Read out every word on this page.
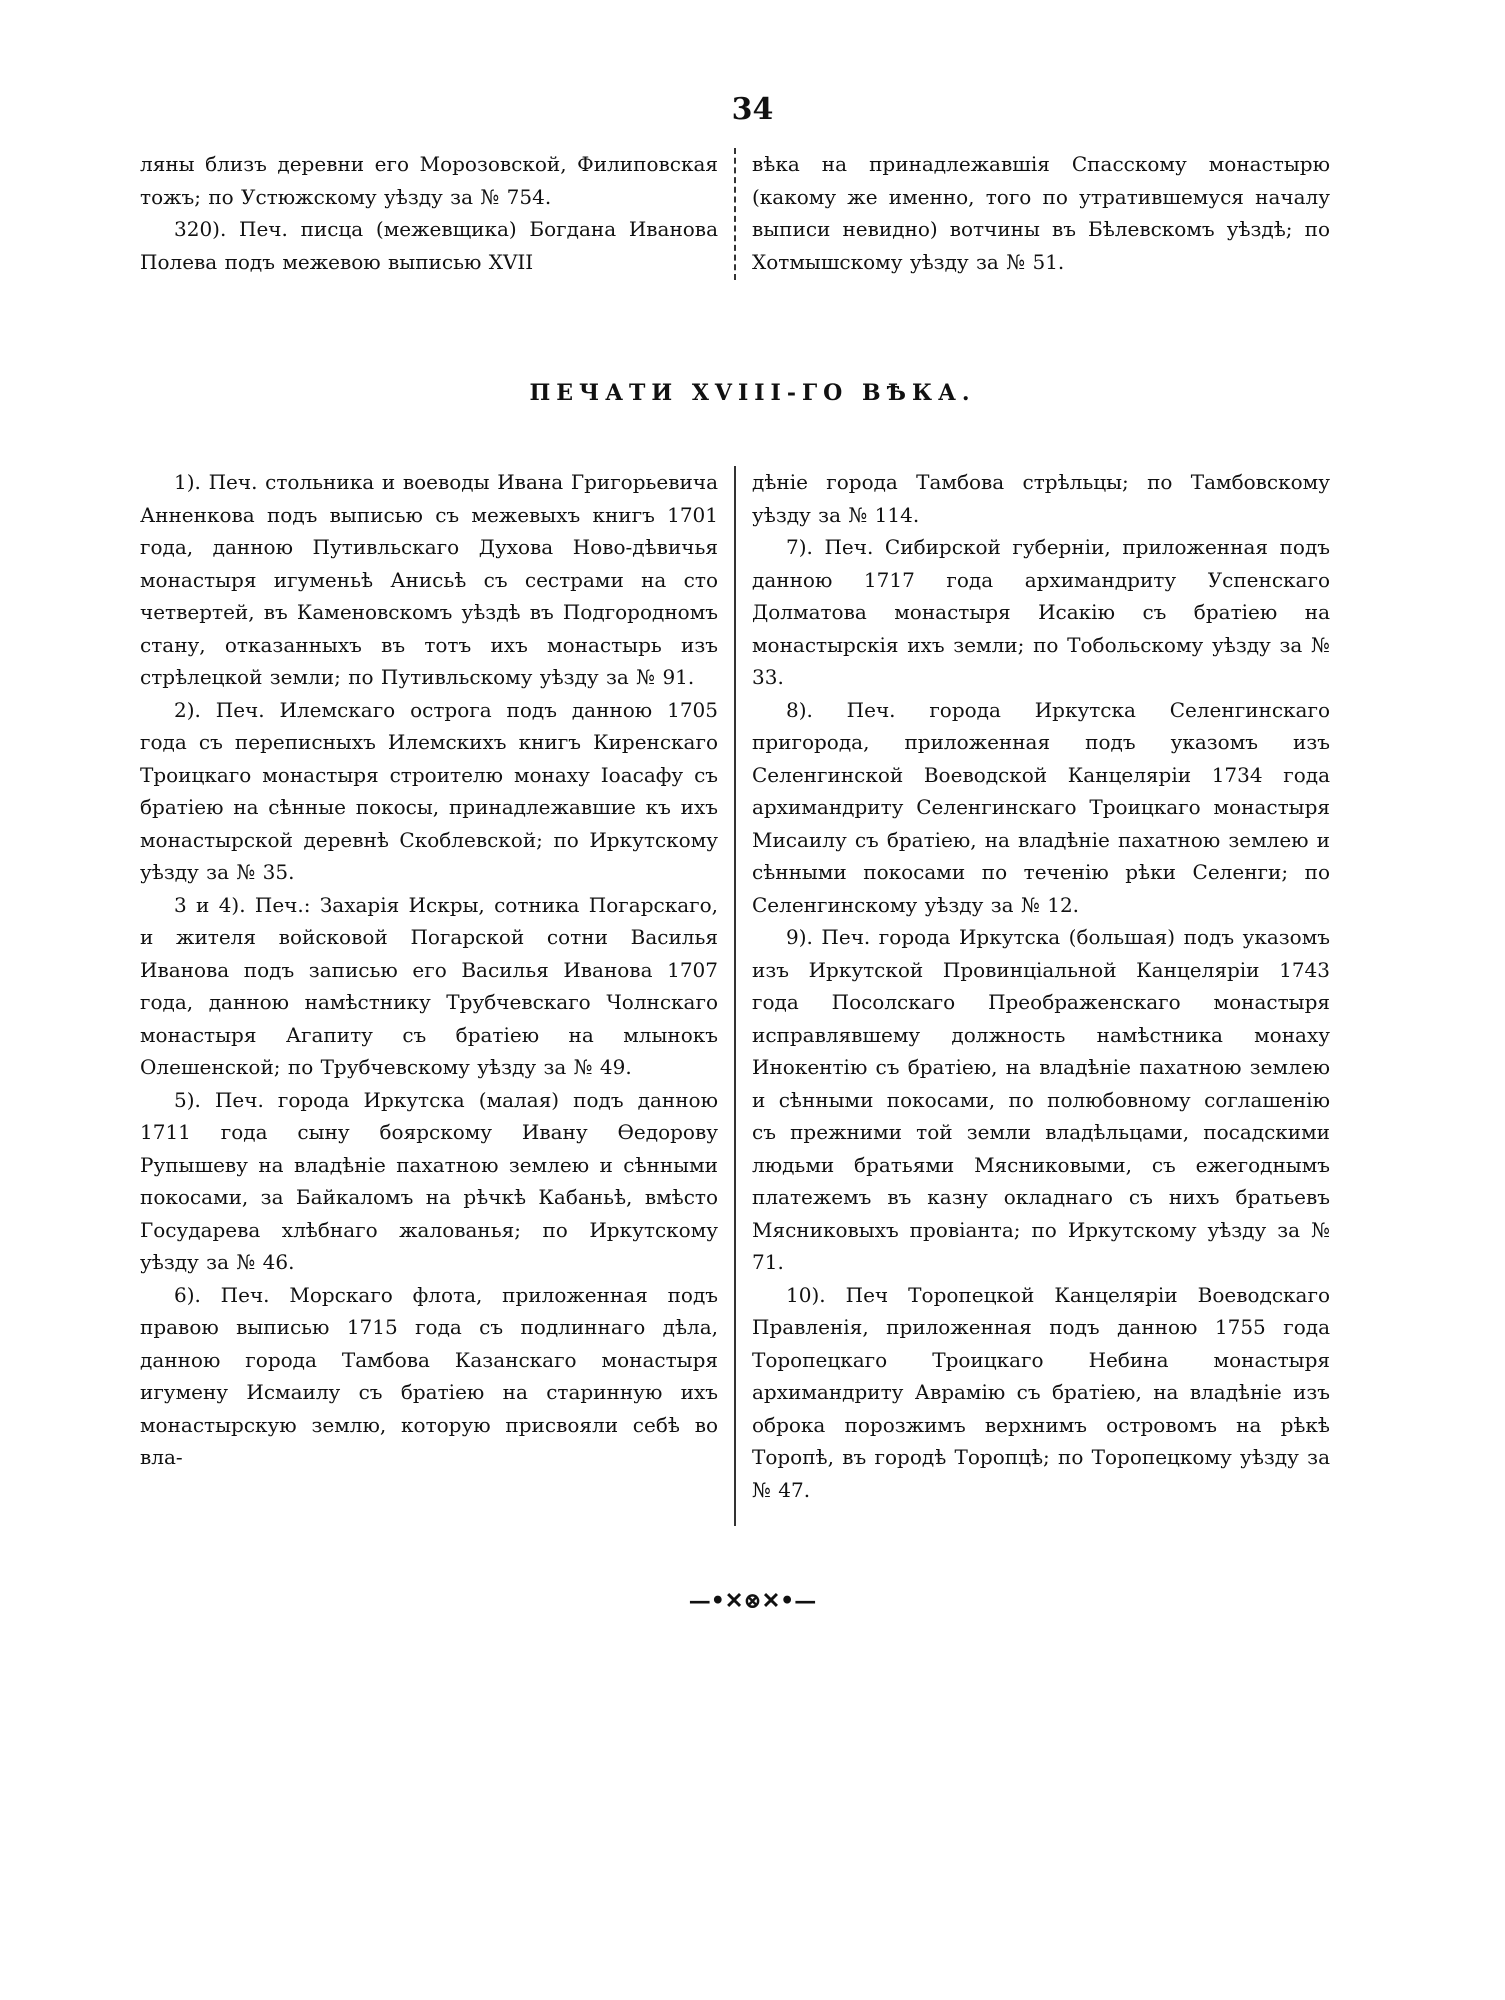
34

ляны близъ деревни его Морозовской, Филиповская тожъ; по Устюжскому уѣзду за № 754.

320). Печ. писца (межевщика) Богдана Иванова Полева подъ межевою выписью XVII

вѣка на принадлежавшія Спасскому монастырю (какому же именно, того по утратившемуся началу выписи невидно) вотчины въ Бѣлевскомъ уѣздѣ; по Хотмышскому уѣзду за № 51.

ПЕЧАТИ XVIII-ГО ВѢКА.

1). Печ. стольника и воеводы Ивана Григорьевича Анненкова подъ выписью съ межевыхъ книгъ 1701 года, данною Путивльскаго Духова Ново-дѣвичья монастыря игуменьѣ Анисьѣ съ сестрами на сто четвертей, въ Каменовскомъ уѣздѣ въ Подгородномъ стану, отказанныхъ въ тотъ ихъ монастырь изъ стрѣлецкой земли; по Путивльскому уѣзду за № 91.

2). Печ. Илемскаго острога подъ данною 1705 года съ переписныхъ Илемскихъ книгъ Киренскаго Троицкаго монастыря строителю монаху Іоасафу съ братіею на сѣнные покосы, принадлежавшие къ ихъ монастырской деревнѣ Скоблевской; по Иркутскому уѣзду за № 35.

3 и 4). Печ.: Захарія Искры, сотника Погарскаго, и жителя войсковой Погарской сотни Василья Иванова подъ записью его Василья Иванова 1707 года, данною намѣстнику Трубчевскаго Чолнскаго монастыря Агапиту съ братіею на млынокъ Олешенской; по Трубчевскому уѣзду за № 49.

5). Печ. города Иркутска (малая) подъ данною 1711 года сыну боярскому Ивану Ѳедорову Рупышеву на владѣніе пахатною землею и сѣнными покосами, за Байкаломъ на рѣчкѣ Кабаньѣ, вмѣсто Государева хлѣбнаго жалованья; по Иркутскому уѣзду за № 46.

6). Печ. Морскаго флота, приложенная подъ правою выписью 1715 года съ подлиннаго дѣла, данною города Тамбова Казанскаго монастыря игумену Исмаилу съ братіею на старинную ихъ монастырскую землю, которую присвояли себѣ во вла-

дѣніе города Тамбова стрѣльцы; по Тамбовскому уѣзду за № 114.

7). Печ. Сибирской губерніи, приложенная подъ данною 1717 года архимандриту Успенскаго Долматова монастыря Исакію съ братіею на монастырскія ихъ земли; по Тобольскому уѣзду за № 33.

8). Печ. города Иркутска Селенгинскаго пригорода, приложенная подъ указомъ изъ Селенгинской Воеводской Канцеляріи 1734 года архимандриту Селенгинскаго Троицкаго монастыря Мисаилу съ братіею, на владѣніе пахатною землею и сѣнными покосами по теченію рѣки Селенги; по Селенгинскому уѣзду за № 12.

9). Печ. города Иркутска (большая) подъ указомъ изъ Иркутской Провинціальной Канцеляріи 1743 года Посолскаго Преображенскаго монастыря исправлявшему должность намѣстника монаху Инокентію съ братіею, на владѣніе пахатною землею и сѣнными покосами, по полюбовному соглашенію съ прежними той земли владѣльцами, посадскими людьми братьями Мясниковыми, съ ежегоднымъ платежемъ въ казну окладнаго съ нихъ братьевъ Мясниковыхъ провіанта; по Иркутскому уѣзду за № 71.

10). Печ Торопецкой Канцеляріи Воеводскаго Правленія, приложенная подъ данною 1755 года Торопецкаго Троицкаго Небина монастыря архимандриту Аврамію съ братіею, на владѣніе изъ оброка порозжимъ верхнимъ островомъ на рѣкѣ Торопѣ, въ городѣ Торопцѣ; по Торопецкому уѣзду за № 47.

—•✕⊗✕•—
